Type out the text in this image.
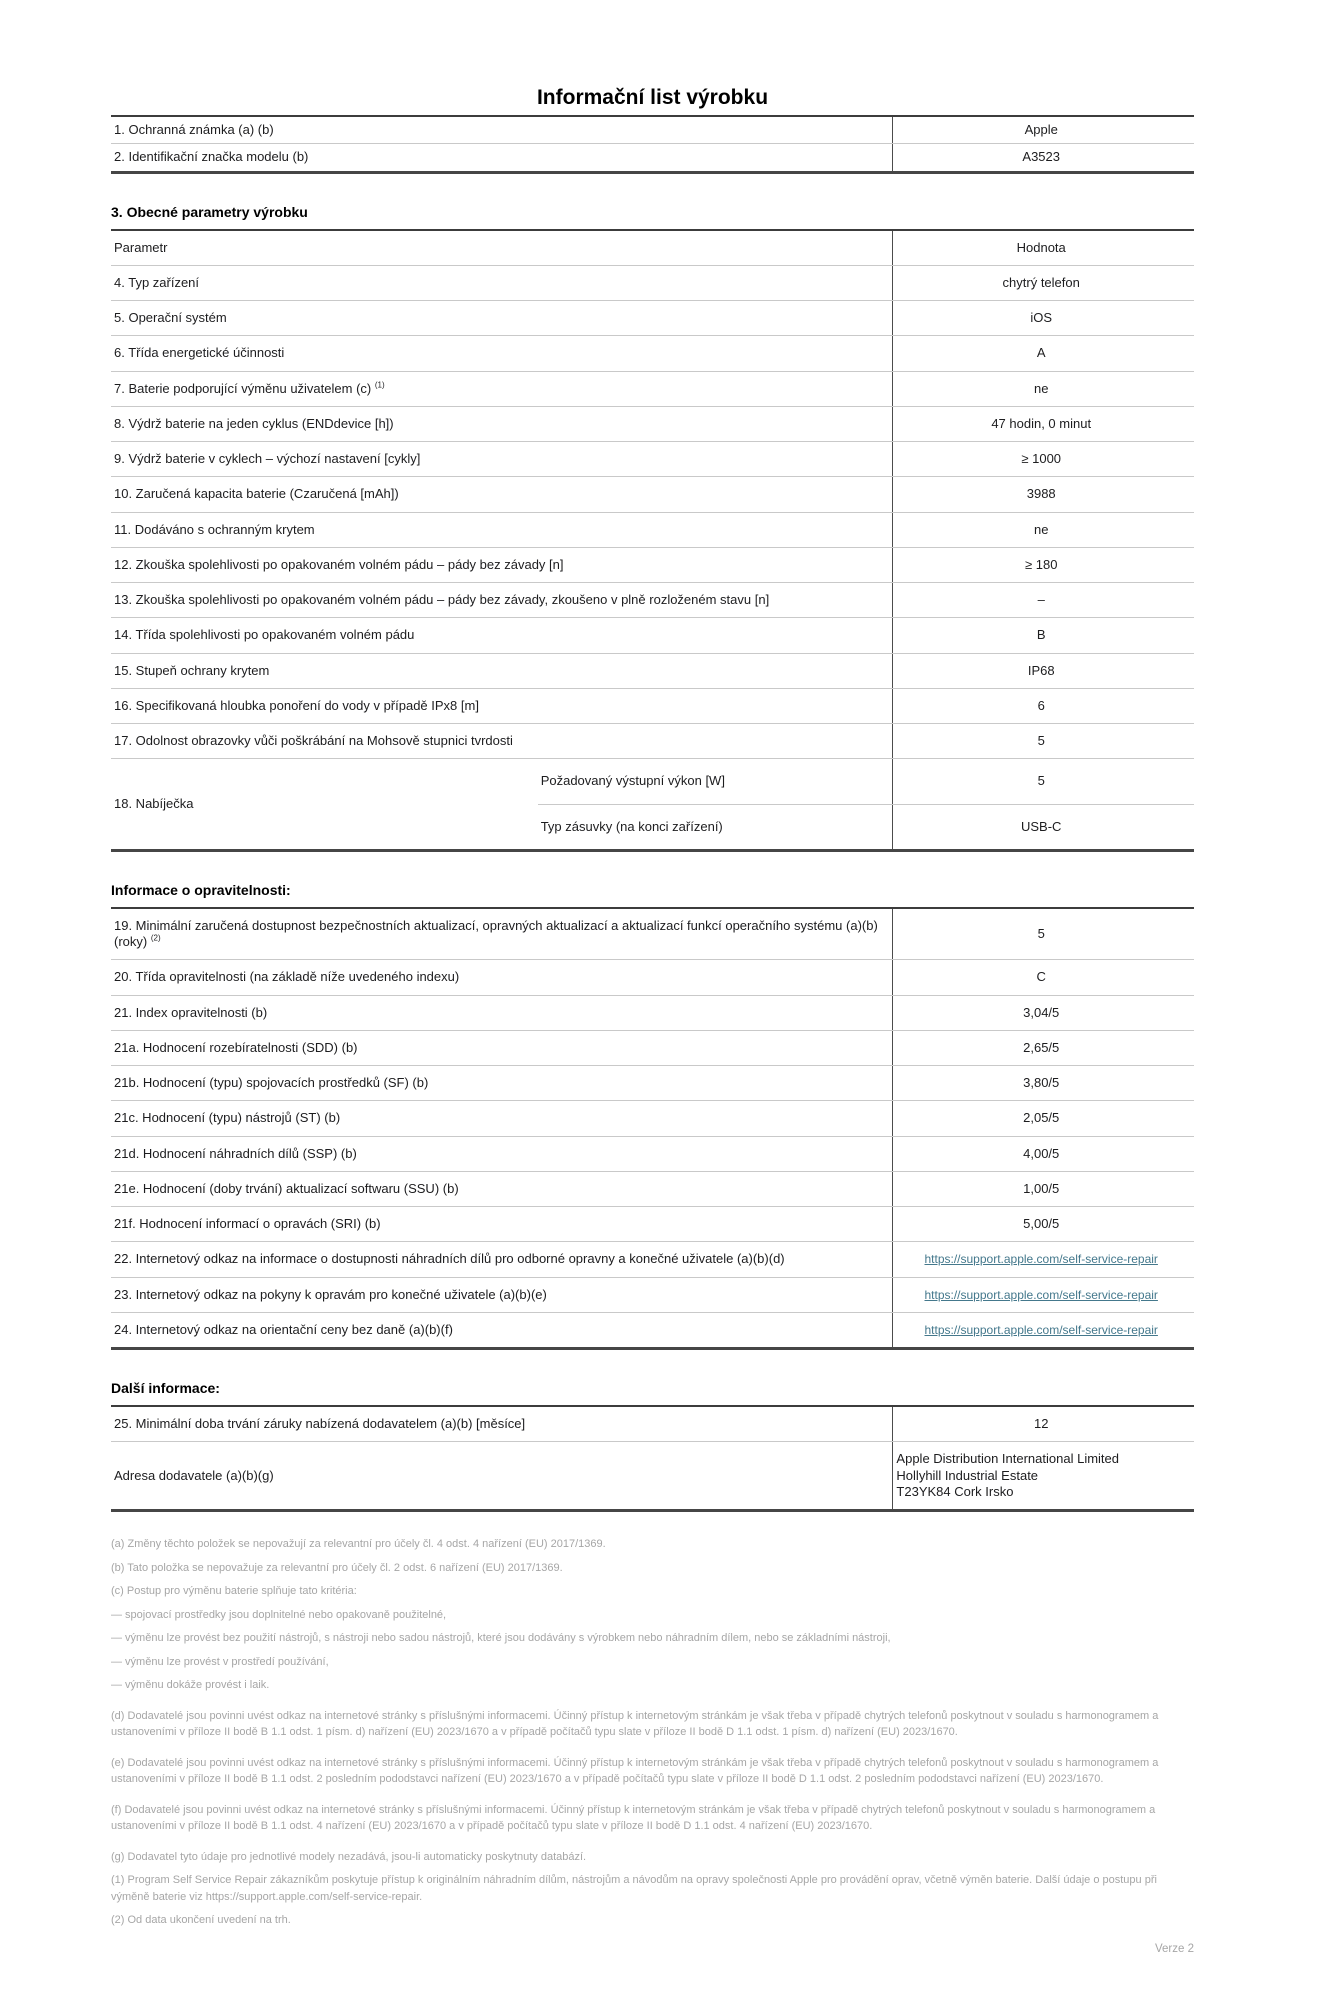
Informační list výrobku
1. Ochranná známka (a) (b)	Apple
2. Identifikační značka modelu (b)	A3523
3. Obecné parametry výrobku
Parametr		Hodnota
4. Typ zařízení		chytrý telefon
5. Operační systém		iOS
6. Třída energetické účinnosti		A
7. Baterie podporující výměnu uživatelem (c) $^{(1)}$		ne
8. Výdrž baterie na jeden cyklus (ENDdevice [h])		47 hodin, 0 minut
9. Výdrž baterie v cyklech – výchozí nastavení [cykly]		≥ 1000
10. Zaručená kapacita baterie (Czaručená [mAh])		3988
11. Dodáváno s ochranným krytem		ne
12. Zkouška spolehlivosti po opakovaném volném pádu – pády bez závady [n]		≥ 180
13. Zkouška spolehlivosti po opakovaném volném pádu – pády bez závady, zkoušeno v plně rozloženém stavu [n]		–
14. Třída spolehlivosti po opakovaném volném pádu		B
15. Stupeň ochrany krytem		IP68
16. Specifikovaná hloubka ponoření do vody v případě IPx8 [m]		6
17. Odolnost obrazovky vůči poškrábání na Mohsově stupnici tvrdosti		5
18. Nabíječka	Požadovaný výstupní výkon [W]	5
	Typ zásuvky (na konci zařízení)	USB-C
Informace o opravitelnosti:
19. Minimální zaručená dostupnost bezpečnostních aktualizací, opravných aktualizací a aktualizací funkcí operačního systému (a)(b)(roky) $^{(2)}$	5
20. Třída opravitelnosti (na základě níže uvedeného indexu)	C
21. Index opravitelnosti (b)	3,04/5
21a. Hodnocení rozebíratelnosti (SDD) (b)	2,65/5
21b. Hodnocení (typu) spojovacích prostředků (SF) (b)	3,80/5
21c. Hodnocení (typu) nástrojů (ST) (b)	2,05/5
21d. Hodnocení náhradních dílů (SSP) (b)	4,00/5
21e. Hodnocení (doby trvání) aktualizací softwaru (SSU) (b)	1,00/5
21f. Hodnocení informací o opravách (SRI) (b)	5,00/5
22. Internetový odkaz na informace o dostupnosti náhradních dílů pro odborné opravny a konečné uživatele (a)(b)(d)	https://support.apple.com/self-service-repair
23. Internetový odkaz na pokyny k opravám pro konečné uživatele (a)(b)(e)	https://support.apple.com/self-service-repair
24. Internetový odkaz na orientační ceny bez daně (a)(b)(f)	https://support.apple.com/self-service-repair
Další informace:
25. Minimální doba trvání záruky nabízená dodavatelem (a)(b) [měsíce]	12
Adresa dodavatele (a)(b)(g)	Apple Distribution International Limited
Hollyhill Industrial Estate
T23YK84 Cork Irsko

(a) Změny těchto položek se nepovažují za relevantní pro účely čl. 4 odst. 4 nařízení (EU) 2017/1369.

(b) Tato položka se nepovažuje za relevantní pro účely čl. 2 odst. 6 nařízení (EU) 2017/1369.

(c) Postup pro výměnu baterie splňuje tato kritéria:

— spojovací prostředky jsou doplnitelné nebo opakovaně použitelné,

— výměnu lze provést bez použití nástrojů, s nástroji nebo sadou nástrojů, které jsou dodávány s výrobkem nebo náhradním dílem, nebo se základními nástroji,

— výměnu lze provést v prostředí používání,

— výměnu dokáže provést i laik.

(d) Dodavatelé jsou povinni uvést odkaz na internetové stránky s příslušnými informacemi. Účinný přístup k internetovým stránkám je však třeba v případě chytrých telefonů poskytnout v souladu s harmonogramem a ustanoveními v příloze II bodě B 1.1 odst. 1 písm. d) nařízení (EU) 2023/1670 a v případě počítačů typu slate v příloze II bodě D 1.1 odst. 1 písm. d) nařízení (EU) 2023/1670.

(e) Dodavatelé jsou povinni uvést odkaz na internetové stránky s příslušnými informacemi. Účinný přístup k internetovým stránkám je však třeba v případě chytrých telefonů poskytnout v souladu s harmonogramem a ustanoveními v příloze II bodě B 1.1 odst. 2 posledním pododstavci nařízení (EU) 2023/1670 a v případě počítačů typu slate v příloze II bodě D 1.1 odst. 2 posledním pododstavci nařízení (EU) 2023/1670.

(f) Dodavatelé jsou povinni uvést odkaz na internetové stránky s příslušnými informacemi. Účinný přístup k internetovým stránkám je však třeba v případě chytrých telefonů poskytnout v souladu s harmonogramem a ustanoveními v příloze II bodě B 1.1 odst. 4 nařízení (EU) 2023/1670 a v případě počítačů typu slate v příloze II bodě D 1.1 odst. 4 nařízení (EU) 2023/1670.

(g) Dodavatel tyto údaje pro jednotlivé modely nezadává, jsou-li automaticky poskytnuty databází.

(1) Program Self Service Repair zákazníkům poskytuje přístup k originálním náhradním dílům, nástrojům a návodům na opravy společnosti Apple pro provádění oprav, včetně výměn baterie. Další údaje o postupu při výměně baterie viz https://support.apple.com/self-service-repair.

(2) Od data ukončení uvedení na trh.

Verze 2
